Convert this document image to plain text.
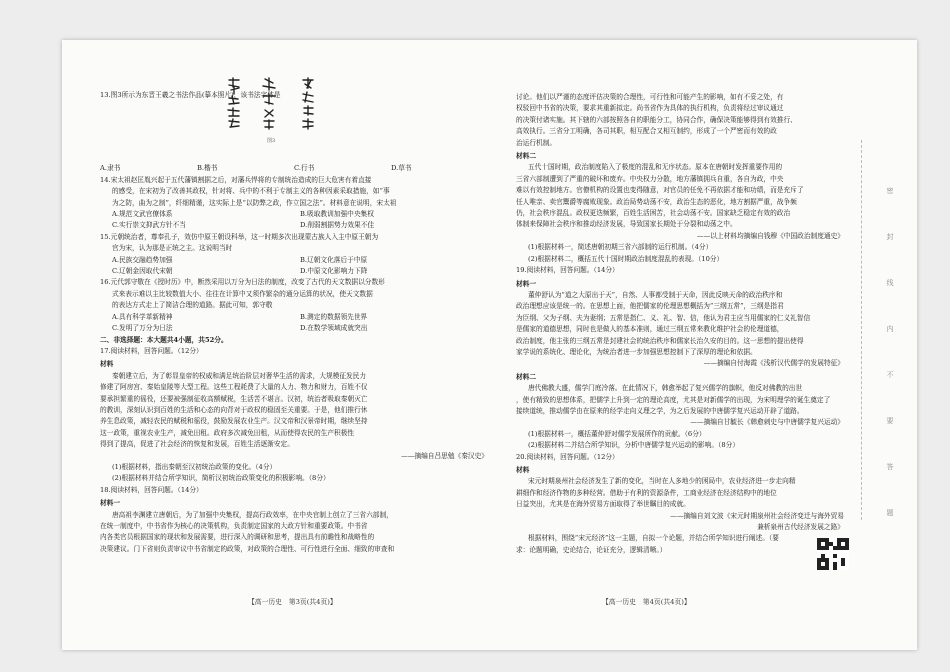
13.图3所示为东晋王羲之书法作品(摹本照片)，该书法字体是

A.隶书	B.楷书	C.行书	D.草书

14.宋太祖赵匡胤兴起于五代藩镇割据之后，对藩兵悍将的专制统治造成的巨大危害有着直接

的感受，在宋初为了改善其政权，针对将、兵中的不利于专制主义的各种因素采取措施，如“事

为之防，曲为之制”，纤细精谨，这实际上是“以防弊之政，作立国之法”。材料意在说明，宋太祖

A.规范文武官僚体系	B.吸取教训加强中央集权
C.实行崇文抑武方针不当	D.削弱割据势力效果不佳

15.元朝统治者，尊奉孔子，效仿中原王朝设科举，这一时期多次出现蒙古族人入主中原王朝为

官为宋，认为那是正统之主。这说明当时

A.民族交融趋势加强	B.辽朝文化落后于中原
C.辽朝金因取代宋朝	D.中原文化影响力下降

16.元代郭守敬在《授时历》中，断然采用以万分为日法的制度，改变了古代的天文数据以分数形

式来表示难以主比较数值大小、往往在计算中又须作繁杂的通分运算的状况，使天文数据

的表达方式走上了简洁合理的道路。据此可知，郭守敬

A.具有科学革新精神	B.测定的数据领先世界
C.发明了万分为日法	D.在数学领域成就突出

二、非选择题：本大题共4小题，共52分。

17.阅读材料，回答问题。（12分）

材料

秦朝建立后，为了彰显皇帝的权威和满足统治阶层对奢华生活的需求，大规模征发民力

修建了阿房宫、秦始皇陵等大型工程。这些工程耗费了大量的人力、物力和财力，百姓不仅

要承担繁重的徭役，还要被强制征收高额赋税，生活苦不堪言。汉初，统治者吸取秦朝灭亡

的教训，深刻认识到百姓的生活和心态的向背对于政权的稳固至关重要。于是，他们推行休

养生息政策，减轻农民的赋税和徭役，鼓励发展农业生产。汉文帝和汉景帝时期，继续坚持

这一政策，重视农业生产，减免田租。政府多次减免田租，从而使得农民的生产积极性

得到了提高，促进了社会经济的恢复和发展，百姓生活逐渐安定。

——摘编自吕思勉《秦汉史》

(1)根据材料，指出秦朝至汉初统治政策的变化。（4分）

(2)根据材料并结合所学知识，简析汉初统治政策变化的积极影响。（8分）

18.阅读材料，回答问题。（14分）

材料一

唐高祖李渊建立唐朝后，为了加强中央集权，提高行政效率，在中央官制上创立了三省六部制，

在统一制度中，中书省作为核心的决策机构，负责制定国家的大政方针和重要政策。中书省

内各类官员根据国家的现状和发展需要，进行深入的调研和思考，提出具有前瞻性和战略性的

决策建议。门下省则负责审议中书省制定的政策，对政策的合理性、可行性进行全面、细致的审查和

图3

讨论。他们以严谨的态度评估决策的合理性，可行性和可能产生的影响，如有不妥之处，有

权驳回中书省的决策，要求其重新拟定。尚书省作为具体的执行机构，负责将经过审议通过

的决策付诸实施。其下辖的六部按照各自的职能分工，协同合作，确保决策能够得到有效推行、

高效执行。三省分工明确，各司其职，相互配合又相互制约，形成了一个严密而有效的政

治运行机制。

材料二

五代十国时期，政治制度陷入了极度的混乱和无序状态。原本在唐朝时发挥重要作用的

三省六部制遭到了严重的破坏和废弃。中央权力分散，地方藩镇拥兵自重，各自为政，中央

难以有效控制地方。官僚机构的设置也变得随意，对官员的任免不再依据才能和功绩，而是充斥了

任人唯亲、卖官鬻爵等腐败现象。政治局势动荡不安，政治生态的恶化，地方割据严重，战争频

仍，社会秩序混乱。政权更迭频繁，百姓生活困苦，社会动荡不安。国家缺乏稳定有效的政治

体制来保障社会秩序和推动经济发展，导致国家长期处于分裂和动荡之中。

——以上材料均摘编自钱穆《中国政治制度通史》

(1)根据材料一，简述唐朝初期三省六部制的运行机制。（4分）

(2)根据材料二，概括五代十国时期政治制度混乱的表现。（10分）

19.阅读材料，回答问题。（14分）

材料一

董仲舒认为“道之大原出于天”，自然、人事都受制于天命，因此反映天命的政治秩序和

政治理想应该是统一的。在思想上面，他把儒家的伦理思想概括为“三纲五常”，三纲是指君

为臣纲、父为子纲、夫为妻纲；五常是指仁、义、礼、智、信，他认为君主应当用儒家的仁义礼智信

是儒家的道德思想，同时也是做人的基本准则，通过三纲五常来教化维护社会的伦理道德，

政治制度，他主张的三纲五常是封建社会的统治秩序和儒家长治久安的目的。这一思想的提出使得

家学说的系统化、理论化，为统治者进一步加强思想控制下了深厚的理论和依据。

——摘编自付海霞《浅析汉代儒学的发展特征》

材料二

唐代佛教大盛，儒学门庭冷落。在此情况下，韩愈举起了复兴儒学的旗帜，他反对佛教的出世

，使有精致的思想体系，把儒学上升到一定的理论高度，尤其是对新儒学的出现，为宋明理学的诞生奠定了

接续道统，推动儒学由在原来的经学走向义理之学，为之后发展的中唐儒学复兴运动开辟了道路。

——摘编自甘毓长《韩愈刺史与中唐儒学复兴运动》

(1)根据材料一，概括董仲舒对儒学发展所作的贡献。（6分）

(2)根据材料二并结合所学知识，分析中唐儒学复兴运动的影响。（8分）

20.阅读材料，回答问题。（12分）

材料

宋元时期泉州社会经济发生了新的变化，当时在人多地少的困局中，农业经济进一步走向精

耕细作和经济作物的多种经营。借助于有利的资源条件，工商业经济在经济结构中的地位

日益突出，尤其是在海外贸易方面取得了举世瞩目的成就。

——摘编自刘文波《宋元时期泉州社会经济变迁与海外贸易

兼析泉州古代经济发展之路》

根据材料，围绕“宋元经济”这一主题，自拟一个论题，并结合所学知识进行阐述。（要

求：论题明确，史论结合，论证充分，逻辑清晰。）

【高一历史　第3页(共4页)】	【高一历史　第4页(共4页)】
密
封
线
内
不
要
答
题
